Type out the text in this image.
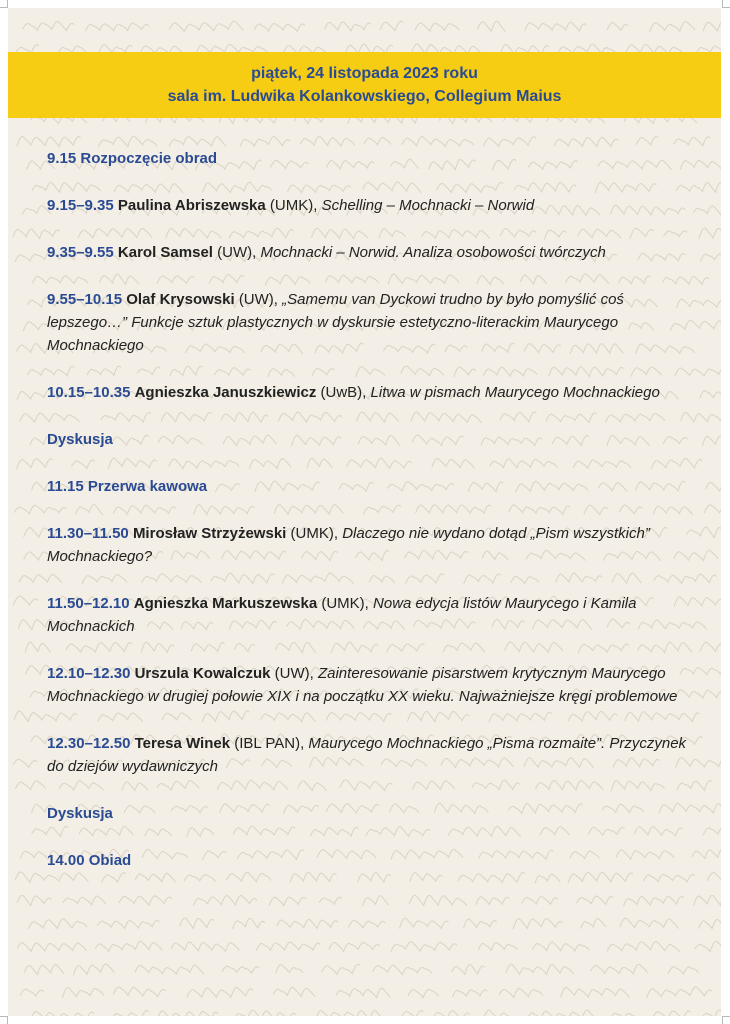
piątek, 24 listopada 2023 roku
sala im. Ludwika Kolankowskiego, Collegium Maius

9.15 Rozpoczęcie obrad

9.15–9.35 Paulina Abriszewska (UMK), Schelling – Mochnacki – Norwid

9.35–9.55 Karol Samsel (UW), Mochnacki – Norwid. Analiza osobowości twórczych

9.55–10.15 Olaf Krysowski (UW), „Samemu van Dyckowi trudno by było pomyślić coś lepszego…” Funkcje sztuk plastycznych w dyskursie estetyczno-literackim Maurycego Mochnackiego

10.15–10.35 Agnieszka Januszkiewicz (UwB), Litwa w pismach Maurycego Mochnackiego

Dyskusja

11.15 Przerwa kawowa

11.30–11.50 Mirosław Strzyżewski (UMK), Dlaczego nie wydano dotąd „Pism wszystkich” Mochnackiego?

11.50–12.10 Agnieszka Markuszewska (UMK), Nowa edycja listów Maurycego i Kamila Mochnackich

12.10–12.30 Urszula Kowalczuk (UW), Zainteresowanie pisarstwem krytycznym Maurycego Mochnackiego w drugiej połowie XIX i na początku XX wieku. Najważniejsze kręgi problemowe

12.30–12.50 Teresa Winek (IBL PAN), Maurycego Mochnackiego „Pisma rozmaite”. Przyczynek do dziejów wydawniczych

Dyskusja

14.00 Obiad
